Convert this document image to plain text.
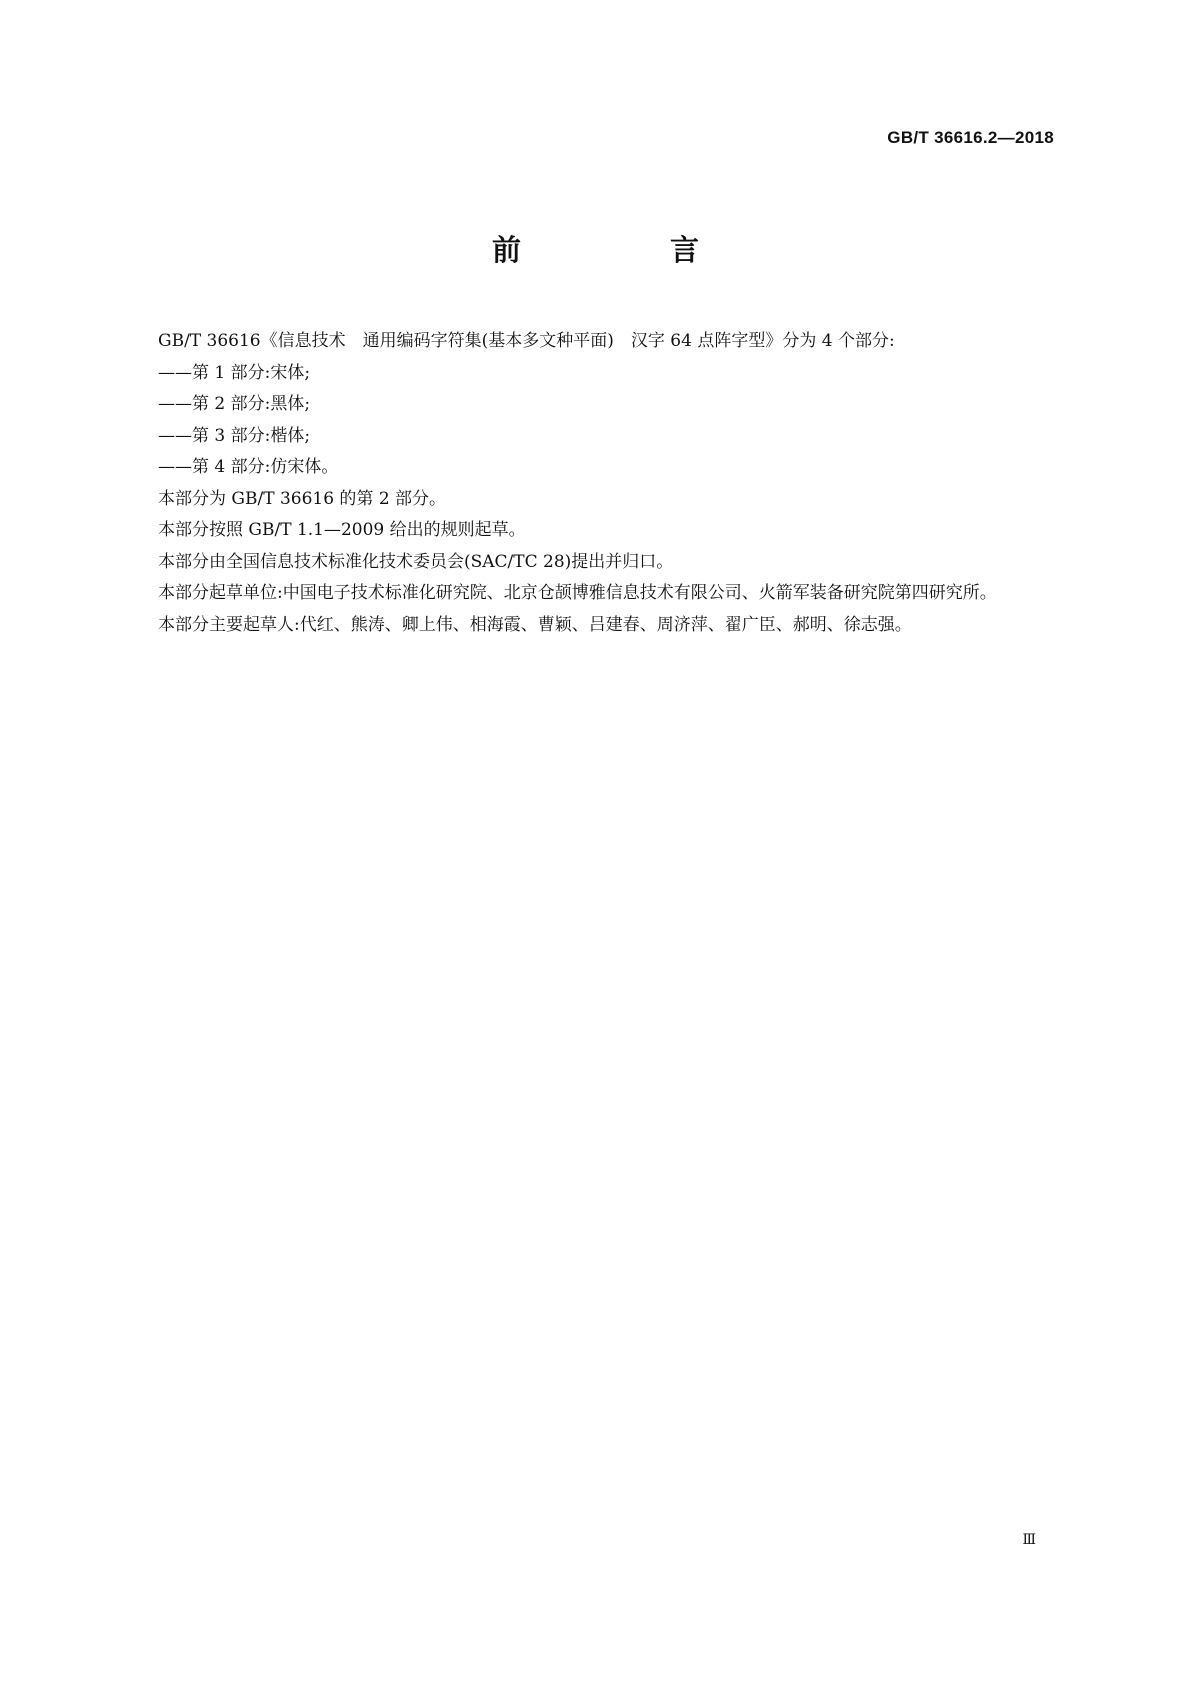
GB/T 36616.2—2018
前　言

GB/T 36616《信息技术　通用编码字符集(基本多文种平面)　汉字 64 点阵字型》分为 4 个部分:

——第 1 部分:宋体;

——第 2 部分:黑体;

——第 3 部分:楷体;

——第 4 部分:仿宋体。

本部分为 GB/T 36616 的第 2 部分。

本部分按照 GB/T 1.1—2009 给出的规则起草。

本部分由全国信息技术标准化技术委员会(SAC/TC 28)提出并归口。

本部分起草单位:中国电子技术标准化研究院、北京仓颉博雅信息技术有限公司、火箭军装备研究院第四研究所。

本部分主要起草人:代红、熊涛、卿上伟、相海霞、曹颖、吕建春、周济萍、翟广臣、郝明、徐志强。

Ⅲ
